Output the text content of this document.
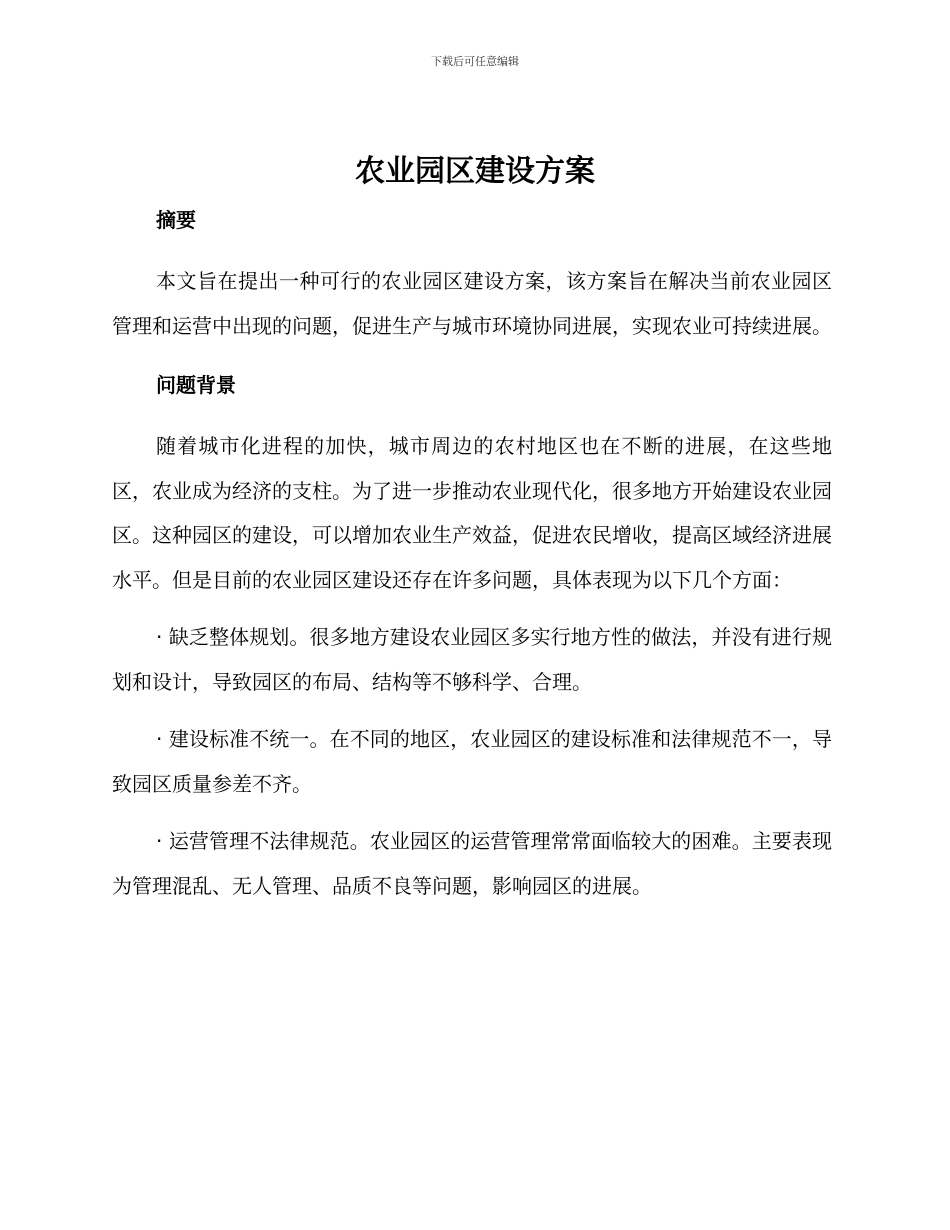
下载后可任意编辑
农业园区建设方案
摘要

本文旨在提出一种可行的农业园区建设方案，该方案旨在解决当前农业园区管理和运营中出现的问题，促进生产与城市环境协同进展，实现农业可持续进展。

问题背景

随着城市化进程的加快，城市周边的农村地区也在不断的进展，在这些地区，农业成为经济的支柱。为了进一步推动农业现代化，很多地方开始建设农业园区。这种园区的建设，可以增加农业生产效益，促进农民增收，提高区域经济进展水平。但是目前的农业园区建设还存在许多问题，具体表现为以下几个方面：

· 缺乏整体规划。很多地方建设农业园区多实行地方性的做法，并没有进行规划和设计，导致园区的布局、结构等不够科学、合理。

· 建设标准不统一。在不同的地区，农业园区的建设标准和法律规范不一，导致园区质量参差不齐。

· 运营管理不法律规范。农业园区的运营管理常常面临较大的困难。主要表现为管理混乱、无人管理、品质不良等问题，影响园区的进展。
